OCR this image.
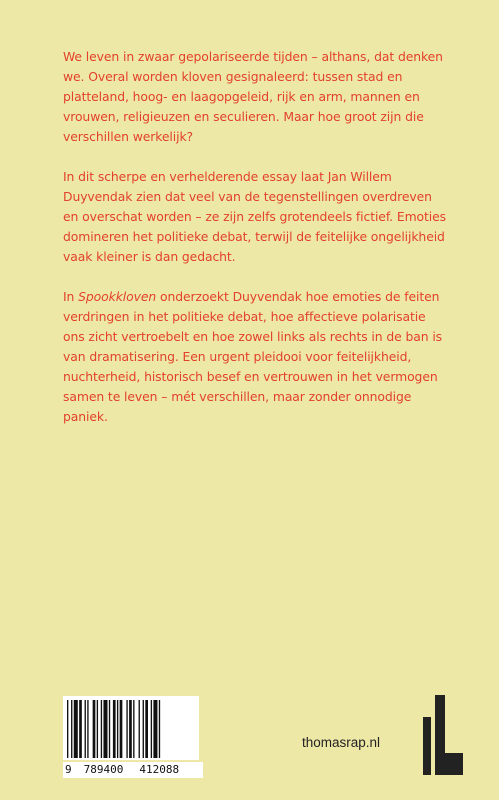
We leven in zwaar gepolariseerde tijden – althans, dat denken we. Overal worden kloven gesignaleerd: tussen stad en platteland, hoog- en laagopgeleid, rijk en arm, mannen en vrouwen, religieuzen en seculieren. Maar hoe groot zijn die verschillen werkelijk?

In dit scherpe en verhelderende essay laat Jan Willem Duyvendak zien dat veel van de tegenstellingen overdreven en overschat worden – ze zijn zelfs grotendeels fictief. Emoties domineren het politieke debat, terwijl de feitelijke ongelijkheid vaak kleiner is dan gedacht.

In Spookkloven onderzoekt Duyvendak hoe emoties de feiten verdringen in het politieke debat, hoe affectieve polarisatie ons zicht vertroebelt en hoe zowel links als rechts in de ban is van dramatisering. Een urgent pleidooi voor feitelijkheid, nuchterheid, historisch besef en vertrouwen in het vermogen samen te leven – mét verschillen, maar zonder onnodige paniek.

9 789400 412088
thomasrap.nl
